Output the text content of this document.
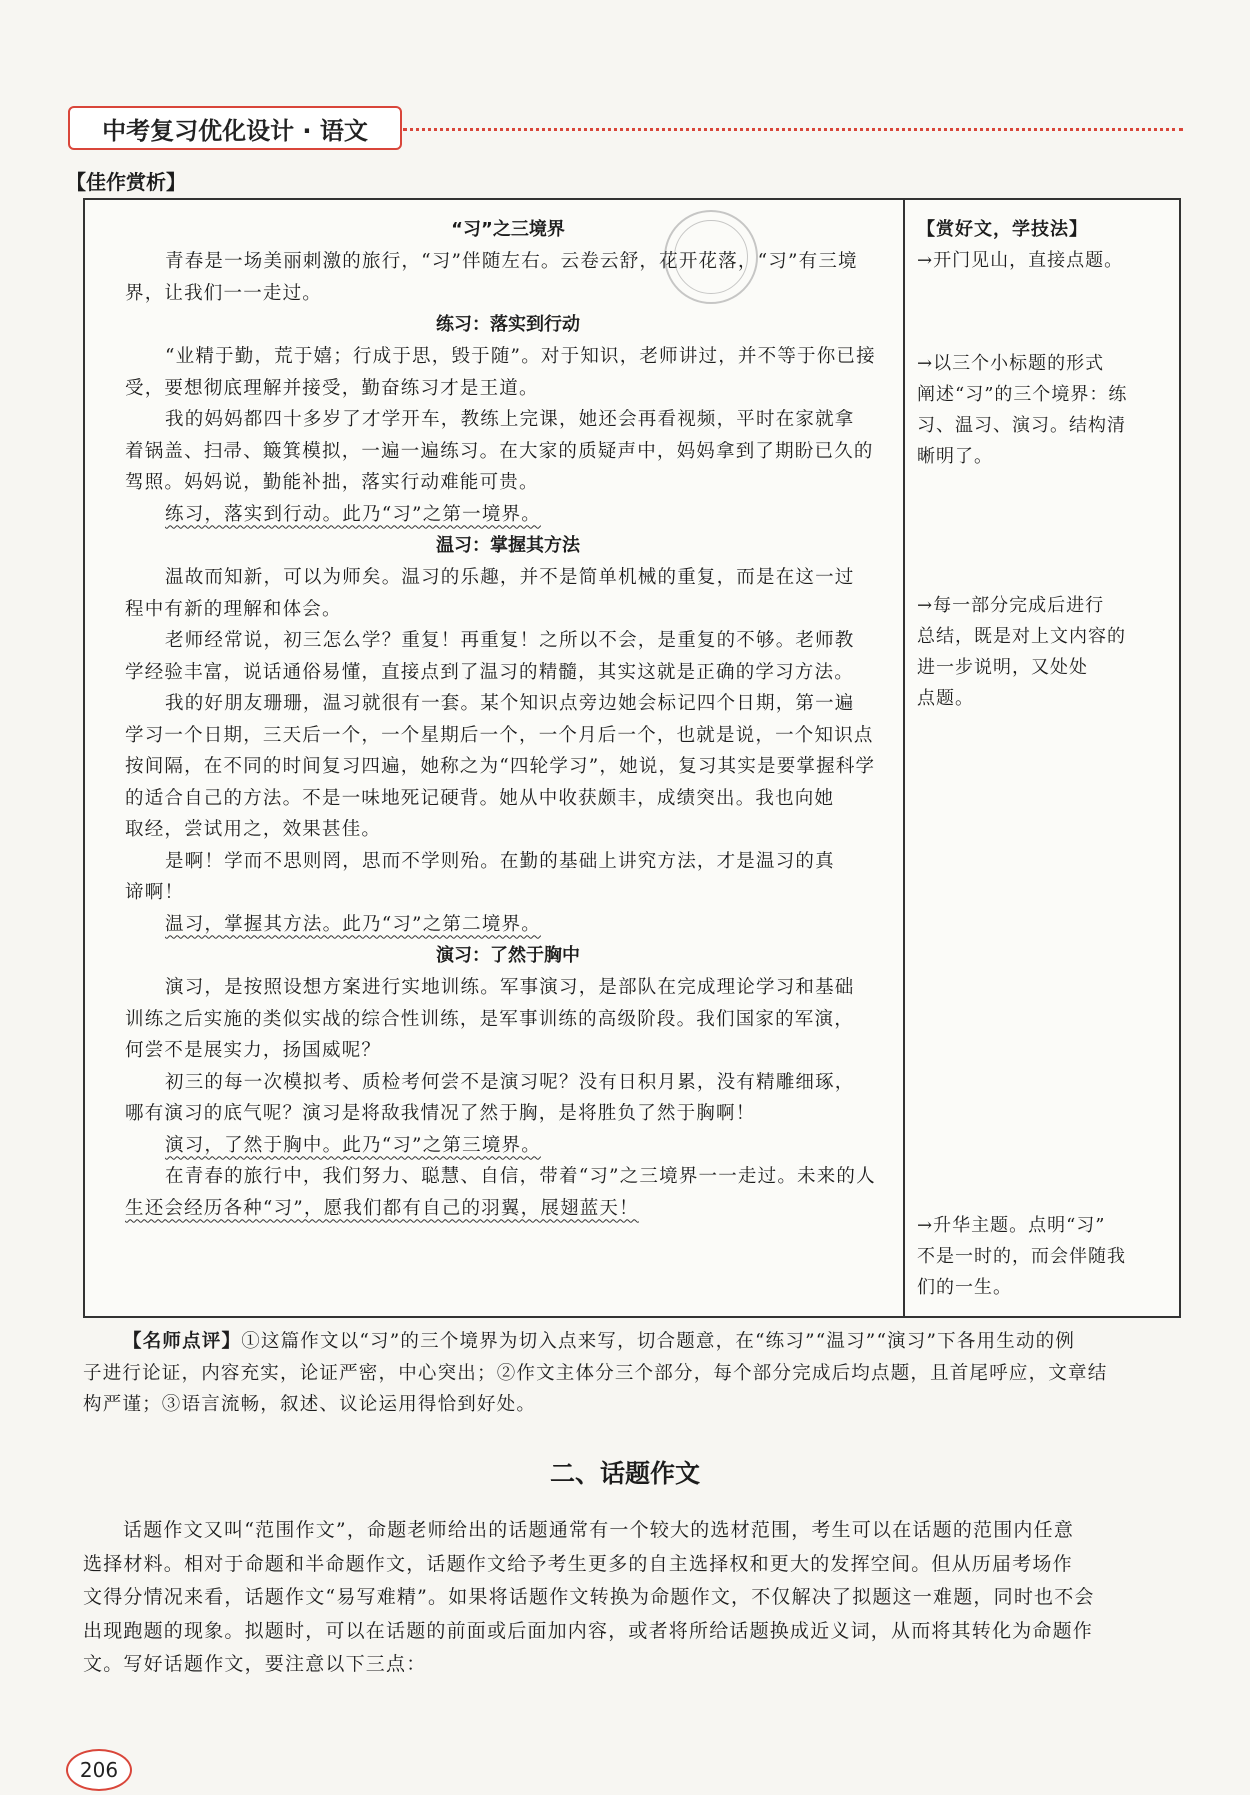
中考复习优化设计 · 语文
【佳作赏析】
“习”之三境界
青春是一场美丽刺激的旅行，“习”伴随左右。云卷云舒，花开花落，“习”有三境
界，让我们一一走过。
练习：落实到行动
“业精于勤，荒于嬉；行成于思，毁于随”。对于知识，老师讲过，并不等于你已接
受，要想彻底理解并接受，勤奋练习才是王道。
我的妈妈都四十多岁了才学开车，教练上完课，她还会再看视频，平时在家就拿
着锅盖、扫帚、簸箕模拟，一遍一遍练习。在大家的质疑声中，妈妈拿到了期盼已久的
驾照。妈妈说，勤能补拙，落实行动难能可贵。
练习，落实到行动。此乃“习”之第一境界。
温习：掌握其方法
温故而知新，可以为师矣。温习的乐趣，并不是简单机械的重复，而是在这一过
程中有新的理解和体会。
老师经常说，初三怎么学？重复！再重复！之所以不会，是重复的不够。老师教
学经验丰富，说话通俗易懂，直接点到了温习的精髓，其实这就是正确的学习方法。
我的好朋友珊珊，温习就很有一套。某个知识点旁边她会标记四个日期，第一遍
学习一个日期，三天后一个，一个星期后一个，一个月后一个，也就是说，一个知识点
按间隔，在不同的时间复习四遍，她称之为“四轮学习”，她说，复习其实是要掌握科学
的适合自己的方法。不是一味地死记硬背。她从中收获颇丰，成绩突出。我也向她
取经，尝试用之，效果甚佳。
是啊！学而不思则罔，思而不学则殆。在勤的基础上讲究方法，才是温习的真
谛啊！
温习，掌握其方法。此乃“习”之第二境界。
演习：了然于胸中
演习，是按照设想方案进行实地训练。军事演习，是部队在完成理论学习和基础
训练之后实施的类似实战的综合性训练，是军事训练的高级阶段。我们国家的军演，
何尝不是展实力，扬国威呢？
初三的每一次模拟考、质检考何尝不是演习呢？没有日积月累，没有精雕细琢，
哪有演习的底气呢？演习是将敌我情况了然于胸，是将胜负了然于胸啊！
演习，了然于胸中。此乃“习”之第三境界。
在青春的旅行中，我们努力、聪慧、自信，带着“习”之三境界一一走过。未来的人
生还会经历各种“习”，愿我们都有自己的羽翼，展翅蓝天！
【赏好文，学技法】
→开门见山，直接点题。
→以三个小标题的形式
阐述“习”的三个境界：练
习、温习、演习。结构清
晰明了。
→每一部分完成后进行
总结，既是对上文内容的
进一步说明，又处处
点题。
→升华主题。点明“习”
不是一时的，而会伴随我
们的一生。
【名师点评】①这篇作文以“习”的三个境界为切入点来写，切合题意，在“练习”“温习”“演习”下各用生动的例
子进行论证，内容充实，论证严密，中心突出；②作文主体分三个部分，每个部分完成后均点题，且首尾呼应，文章结
构严谨；③语言流畅，叙述、议论运用得恰到好处。
二、话题作文
话题作文又叫“范围作文”，命题老师给出的话题通常有一个较大的选材范围，考生可以在话题的范围内任意
选择材料。相对于命题和半命题作文，话题作文给予考生更多的自主选择权和更大的发挥空间。但从历届考场作
文得分情况来看，话题作文“易写难精”。如果将话题作文转换为命题作文，不仅解决了拟题这一难题，同时也不会
出现跑题的现象。拟题时，可以在话题的前面或后面加内容，或者将所给话题换成近义词，从而将其转化为命题作
文。写好话题作文，要注意以下三点：
206
